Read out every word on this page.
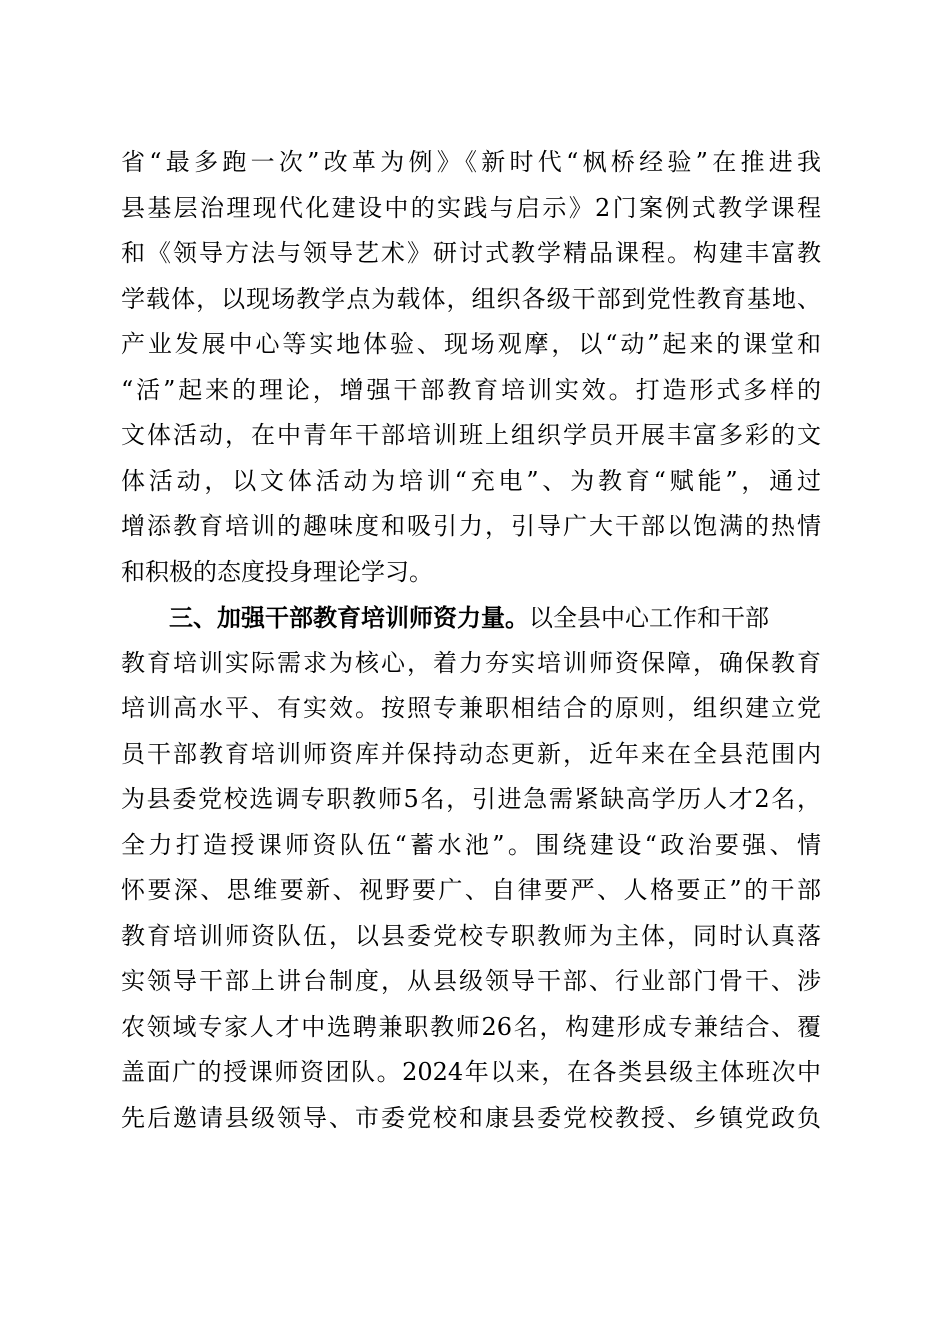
省“最多跑一次”改革为例》《新时代“枫桥经验”在推进我
县基层治理现代化建设中的实践与启示》2门案例式教学课程
和《领导方法与领导艺术》研讨式教学精品课程。构建丰富教
学载体，以现场教学点为载体，组织各级干部到党性教育基地、
产业发展中心等实地体验、现场观摩，以“动”起来的课堂和
“活”起来的理论，增强干部教育培训实效。打造形式多样的
文体活动，在中青年干部培训班上组织学员开展丰富多彩的文
体活动，以文体活动为培训“充电”、为教育“赋能”，通过
增添教育培训的趣味度和吸引力，引导广大干部以饱满的热情
和积极的态度投身理论学习。
三、加强干部教育培训师资力量。以全县中心工作和干部
教育培训实际需求为核心，着力夯实培训师资保障，确保教育
培训高水平、有实效。按照专兼职相结合的原则，组织建立党
员干部教育培训师资库并保持动态更新，近年来在全县范围内
为县委党校选调专职教师5名，引进急需紧缺高学历人才2名，
全力打造授课师资队伍“蓄水池”。围绕建设“政治要强、情
怀要深、思维要新、视野要广、自律要严、人格要正”的干部
教育培训师资队伍，以县委党校专职教师为主体，同时认真落
实领导干部上讲台制度，从县级领导干部、行业部门骨干、涉
农领域专家人才中选聘兼职教师26名，构建形成专兼结合、覆
盖面广的授课师资团队。2024年以来，在各类县级主体班次中
先后邀请县级领导、市委党校和康县委党校教授、乡镇党政负
